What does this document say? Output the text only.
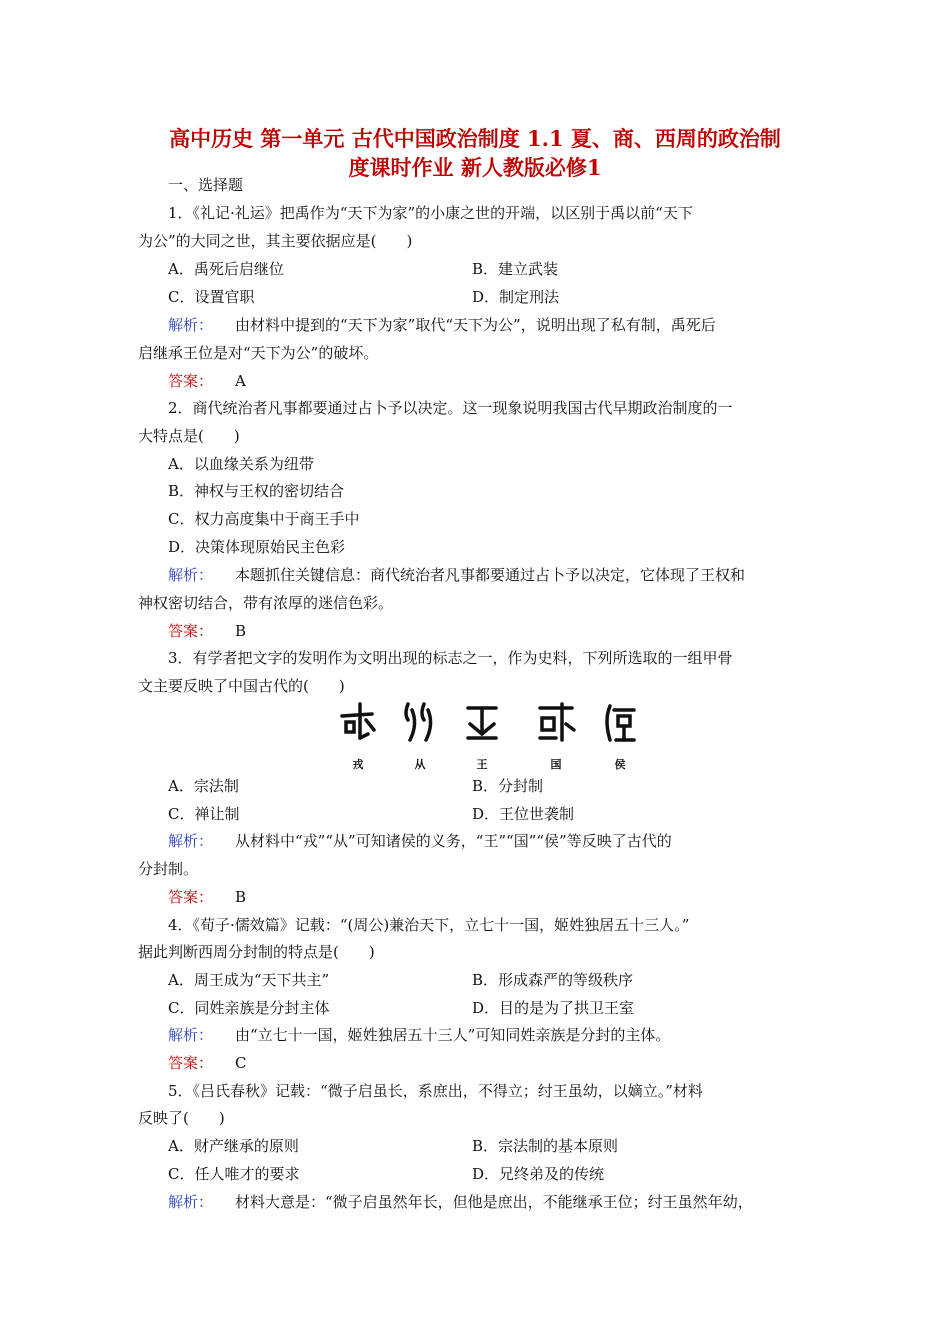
高中历史 第一单元 古代中国政治制度 1.1 夏、商、西周的政治制
度课时作业 新人教版必修1
一、选择题
1．《礼记·礼运》把禹作为“天下为家”的小康之世的开端，以区别于禹以前“天下
为公”的大同之世，其主要依据应是(　　)
A．禹死后启继位	B．建立武装
C．设置官职	D．制定刑法
解析： 由材料中提到的“天下为家”取代“天下为公”，说明出现了私有制，禹死后
启继承王位是对“天下为公”的破坏。
答案： A
2．商代统治者凡事都要通过占卜予以决定。这一现象说明我国古代早期政治制度的一
大特点是(　　)
A．以血缘关系为纽带
B．神权与王权的密切结合
C．权力高度集中于商王手中
D．决策体现原始民主色彩
解析： 本题抓住关键信息：商代统治者凡事都要通过占卜予以决定，它体现了王权和
神权密切结合，带有浓厚的迷信色彩。
答案： B
3．有学者把文字的发明作为文明出现的标志之一，作为史料，下列所选取的一组甲骨
文主要反映了中国古代的(　　)
戎	从	王	国	侯
A．宗法制	B．分封制
C．禅让制	D．王位世袭制
解析： 从材料中“戎”“从”可知诸侯的义务，“王”“国”“侯”等反映了古代的
分封制。
答案： B
4．《荀子·儒效篇》记载：“(周公)兼治天下，立七十一国，姬姓独居五十三人。”
据此判断西周分封制的特点是(　　)
A．周王成为“天下共主”	B．形成森严的等级秩序
C．同姓亲族是分封主体	D．目的是为了拱卫王室
解析： 由“立七十一国，姬姓独居五十三人”可知同姓亲族是分封的主体。
答案： C
5．《吕氏春秋》记载：“微子启虽长，系庶出，不得立；纣王虽幼，以嫡立。”材料
反映了(　　)
A．财产继承的原则	B．宗法制的基本原则
C．任人唯才的要求	D．兄终弟及的传统
解析： 材料大意是：“微子启虽然年长，但他是庶出，不能继承王位；纣王虽然年幼，
